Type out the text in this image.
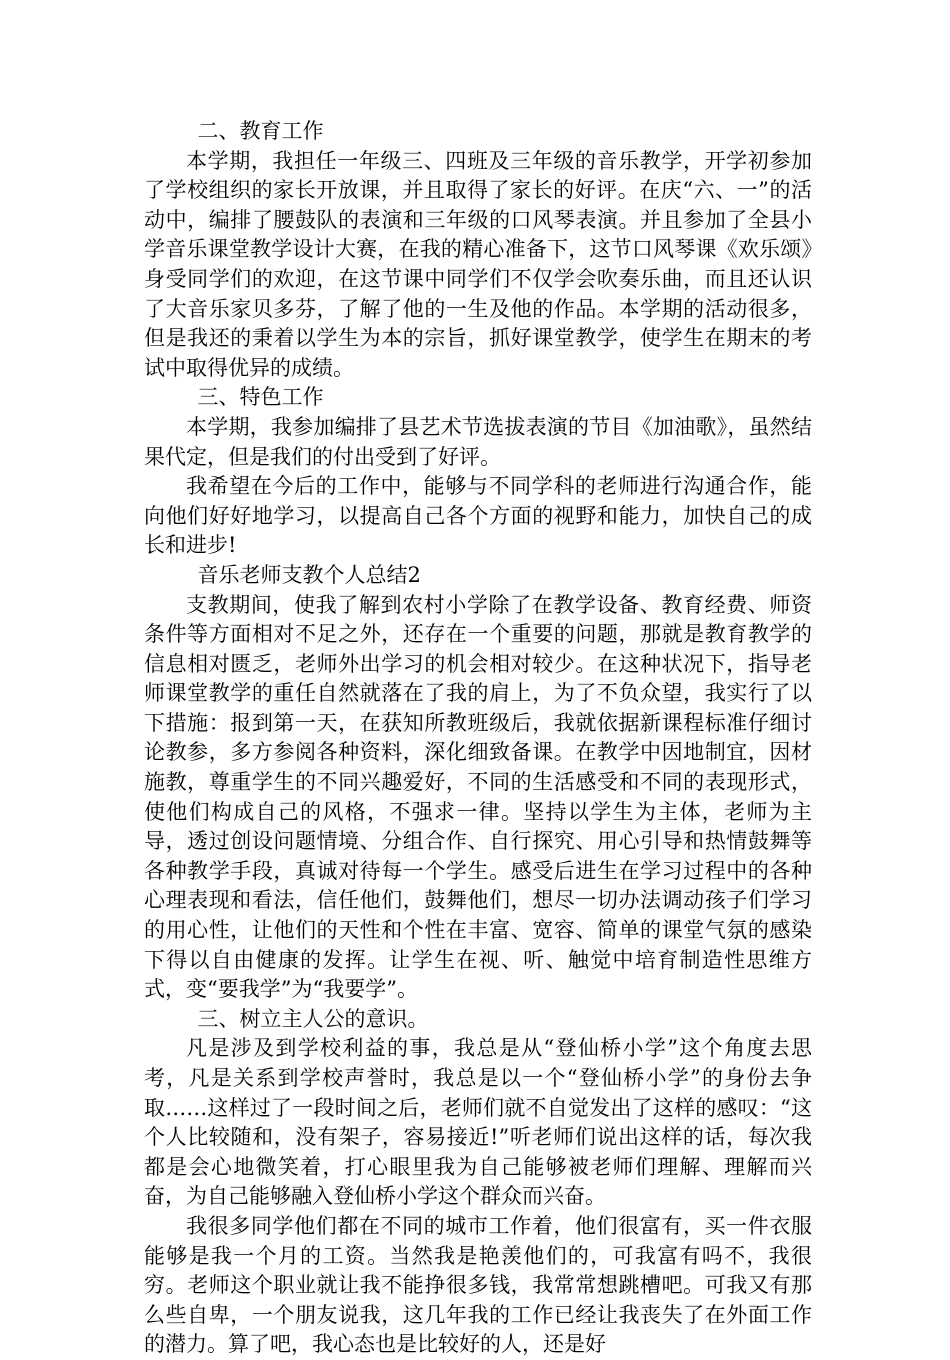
二、教育工作

本学期，我担任一年级三、四班及三年级的音乐教学，开学初参加了学校组织的家长开放课，并且取得了家长的好评。在庆“六、一”的活动中，编排了腰鼓队的表演和三年级的口风琴表演。并且参加了全县小学音乐课堂教学设计大赛，在我的精心准备下，这节口风琴课《欢乐颂》身受同学们的欢迎，在这节课中同学们不仅学会吹奏乐曲，而且还认识了大音乐家贝多芬，了解了他的一生及他的作品。本学期的活动很多，但是我还的秉着以学生为本的宗旨，抓好课堂教学，使学生在期末的考试中取得优异的成绩。

三、特色工作

本学期，我参加编排了县艺术节选拔表演的节目《加油歌》，虽然结果代定，但是我们的付出受到了好评。

我希望在今后的工作中，能够与不同学科的老师进行沟通合作，能向他们好好地学习，以提高自己各个方面的视野和能力，加快自己的成长和进步!

音乐老师支教个人总结2

支教期间，使我了解到农村小学除了在教学设备、教育经费、师资条件等方面相对不足之外，还存在一个重要的问题，那就是教育教学的信息相对匮乏，老师外出学习的机会相对较少。在这种状况下，指导老师课堂教学的重任自然就落在了我的肩上，为了不负众望，我实行了以下措施：报到第一天，在获知所教班级后，我就依据新课程标准仔细讨论教参，多方参阅各种资料，深化细致备课。在教学中因地制宜，因材施教，尊重学生的不同兴趣爱好，不同的生活感受和不同的表现形式，使他们构成自己的风格，不强求一律。坚持以学生为主体，老师为主导，透过创设问题情境、分组合作、自行探究、用心引导和热情鼓舞等各种教学手段，真诚对待每一个学生。感受后进生在学习过程中的各种心理表现和看法，信任他们，鼓舞他们，想尽一切办法调动孩子们学习的用心性，让他们的天性和个性在丰富、宽容、简单的课堂气氛的感染下得以自由健康的发挥。让学生在视、听、触觉中培育制造性思维方式，变“要我学”为“我要学”。

三、树立主人公的意识。

凡是涉及到学校利益的事，我总是从“登仙桥小学”这个角度去思考，凡是关系到学校声誉时，我总是以一个“登仙桥小学”的身份去争取……这样过了一段时间之后，老师们就不自觉发出了这样的感叹：“这个人比较随和，没有架子，容易接近!”听老师们说出这样的话，每次我都是会心地微笑着，打心眼里我为自己能够被老师们理解、理解而兴奋，为自己能够融入登仙桥小学这个群众而兴奋。

我很多同学他们都在不同的城市工作着，他们很富有，买一件衣服能够是我一个月的工资。当然我是艳羡他们的，可我富有吗不，我很穷。老师这个职业就让我不能挣很多钱，我常常想跳槽吧。可我又有那么些自卑，一个朋友说我，这几年我的工作已经让我丧失了在外面工作的潜力。算了吧，我心态也是比较好的人，还是好
